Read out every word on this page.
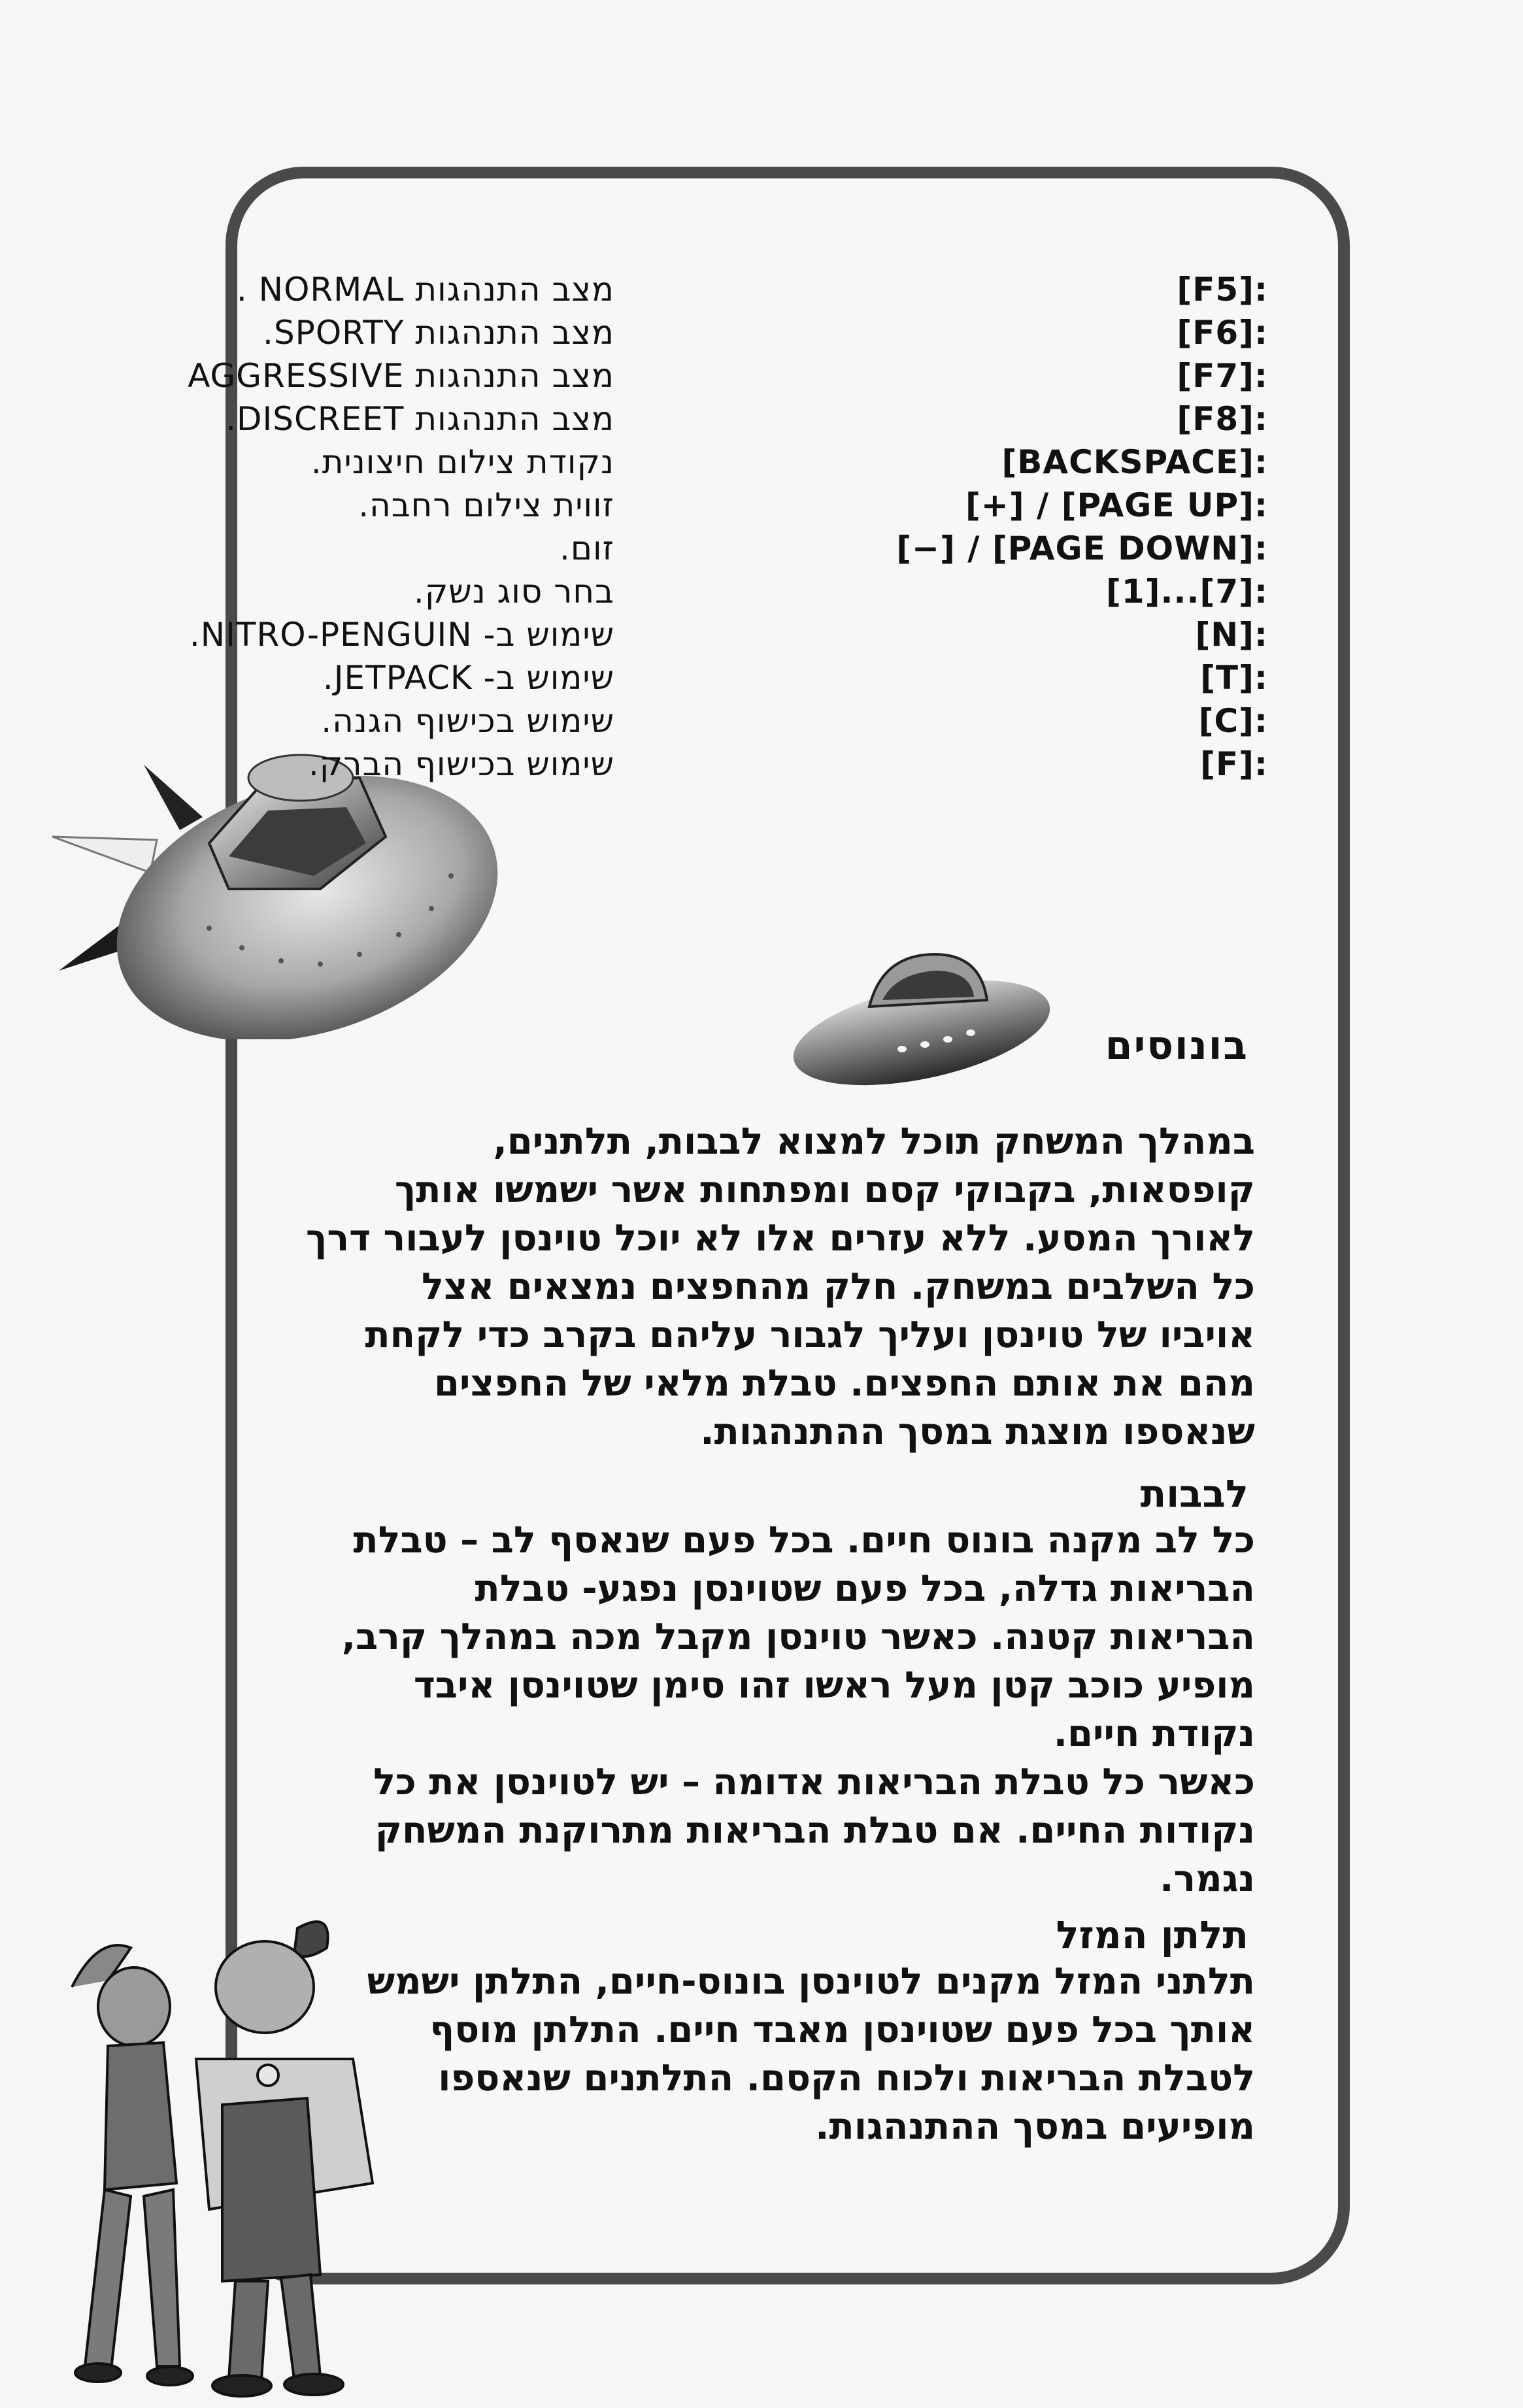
מצב התנהגות NORMAL .	[F5]:
מצב התנהגות SPORTY.	[F6]:
מצב התנהגות AGGRESSIVE	[F7]:
מצב התנהגות DISCREET.	[F8]:
נקודת צילום חיצונית.	[BACKSPACE]:
זווית צילום רחבה.	[+] / [PAGE UP]:
זום.	[−] / [PAGE DOWN]:
בחר סוג נשק.	[1]...[7]:
שימוש ב- NITRO-PENGUIN.	[N]:
שימוש ב- JETPACK.	[T]:
שימוש בכישוף הגנה.	[C]:
שימוש בכישוף הברק.	[F]:
בונוסים
במהלך המשחק תוכל למצוא לבבות, תלתנים,
קופסאות, בקבוקי קסם ומפתחות אשר ישמשו אותך
לאורך המסע. ללא עזרים אלו לא יוכל טוינסן לעבור דרך
כל השלבים במשחק. חלק מהחפצים נמצאים אצל
אויביו של טוינסן ועליך לגבור עליהם בקרב כדי לקחת
מהם את אותם החפצים. טבלת מלאי של החפצים
שנאספו מוצגת במסך ההתנהגות.
לבבות
כל לב מקנה בונוס חיים. בכל פעם שנאסף לב – טבלת
הבריאות גדלה, בכל פעם שטוינסן נפגע- טבלת
הבריאות קטנה. כאשר טוינסן מקבל מכה במהלך קרב,
מופיע כוכב קטן מעל ראשו זהו סימן שטוינסן איבד
נקודת חיים.
כאשר כל טבלת הבריאות אדומה – יש לטוינסן את כל
נקודות החיים. אם טבלת הבריאות מתרוקנת המשחק
נגמר.
תלתן המזל
תלתני המזל מקנים לטוינסן בונוס-חיים, התלתן ישמש
אותך בכל פעם שטוינסן מאבד חיים. התלתן מוסף
לטבלת הבריאות ולכוח הקסם. התלתנים שנאספו
מופיעים במסך ההתנהגות.
